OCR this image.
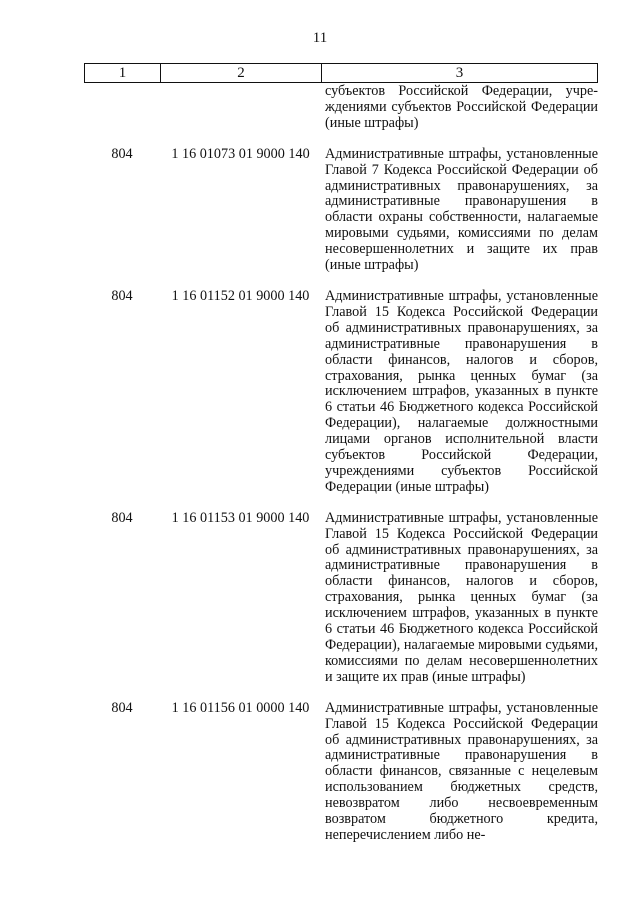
11
1	2	3
субъектов Российской Федерации, учреждениями субъектов Российской Федерации (иные штрафы)
804	1 16 01073 01 9000 140	Административные штрафы, установленные Главой 7 Кодекса Российской Федерации об административных правонарушениях, за административные правонарушения в области охраны собственности, налагаемые мировыми судьями, комиссиями по делам несовершеннолетних и защите их прав (иные штрафы)
804	1 16 01152 01 9000 140	Административные штрафы, установленные Главой 15 Кодекса Российской Федерации об административных правонарушениях, за административные правонарушения в области финансов, налогов и сборов, страхования, рынка ценных бумаг (за исключением штрафов, указанных в пункте 6 статьи 46 Бюджетного кодекса Российской Федерации), налагаемые должностными лицами органов исполнительной власти субъектов Российской Федерации, учреждениями субъектов Российской Федерации (иные штрафы)
804	1 16 01153 01 9000 140	Административные штрафы, установленные Главой 15 Кодекса Российской Федерации об административных правонарушениях, за административные правонарушения в области финансов, налогов и сборов, страхования, рынка ценных бумаг (за исключением штрафов, указанных в пункте 6 статьи 46 Бюджетного кодекса Российской Федерации), налагаемые мировыми судьями, комиссиями по делам несовершеннолетних и защите их прав (иные штрафы)
804	1 16 01156 01 0000 140	Административные штрафы, установленные Главой 15 Кодекса Российской Федерации об административных правонарушениях, за административные правонарушения в области финансов, связанные с нецелевым использованием бюджетных средств, невозвратом либо несвоевременным возвратом бюджетного кредита, неперечислением либо не-
